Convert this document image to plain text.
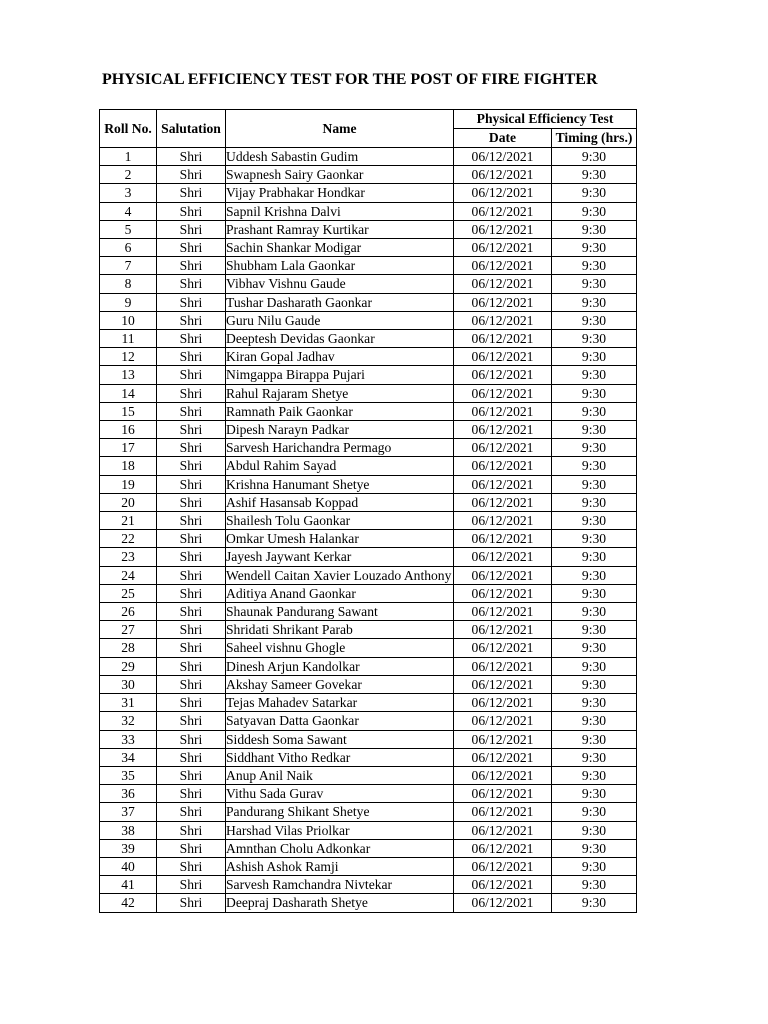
PHYSICAL EFFICIENCY TEST FOR THE POST OF FIRE FIGHTER
Roll No.	Salutation	Name	Physical Efficiency Test	
			Date	Timing (hrs.)
1	Shri	Uddesh Sabastin Gudim	06/12/2021	9:30
2	Shri	Swapnesh Sairy Gaonkar	06/12/2021	9:30
3	Shri	Vijay Prabhakar Hondkar	06/12/2021	9:30
4	Shri	Sapnil Krishna Dalvi	06/12/2021	9:30
5	Shri	Prashant Ramray Kurtikar	06/12/2021	9:30
6	Shri	Sachin Shankar Modigar	06/12/2021	9:30
7	Shri	Shubham Lala Gaonkar	06/12/2021	9:30
8	Shri	Vibhav Vishnu Gaude	06/12/2021	9:30
9	Shri	Tushar Dasharath Gaonkar	06/12/2021	9:30
10	Shri	Guru Nilu Gaude	06/12/2021	9:30
11	Shri	Deeptesh Devidas Gaonkar	06/12/2021	9:30
12	Shri	Kiran Gopal Jadhav	06/12/2021	9:30
13	Shri	Nimgappa Birappa Pujari	06/12/2021	9:30
14	Shri	Rahul Rajaram Shetye	06/12/2021	9:30
15	Shri	Ramnath Paik Gaonkar	06/12/2021	9:30
16	Shri	Dipesh Narayn Padkar	06/12/2021	9:30
17	Shri	Sarvesh Harichandra Permago	06/12/2021	9:30
18	Shri	Abdul Rahim Sayad	06/12/2021	9:30
19	Shri	Krishna Hanumant Shetye	06/12/2021	9:30
20	Shri	Ashif Hasansab Koppad	06/12/2021	9:30
21	Shri	Shailesh Tolu Gaonkar	06/12/2021	9:30
22	Shri	Omkar Umesh Halankar	06/12/2021	9:30
23	Shri	Jayesh Jaywant Kerkar	06/12/2021	9:30
24	Shri	Wendell Caitan Xavier Louzado Anthony	06/12/2021	9:30
25	Shri	Aditiya Anand Gaonkar	06/12/2021	9:30
26	Shri	Shaunak Pandurang Sawant	06/12/2021	9:30
27	Shri	Shridati Shrikant Parab	06/12/2021	9:30
28	Shri	Saheel vishnu Ghogle	06/12/2021	9:30
29	Shri	Dinesh Arjun Kandolkar	06/12/2021	9:30
30	Shri	Akshay Sameer Govekar	06/12/2021	9:30
31	Shri	Tejas Mahadev Satarkar	06/12/2021	9:30
32	Shri	Satyavan Datta Gaonkar	06/12/2021	9:30
33	Shri	Siddesh Soma Sawant	06/12/2021	9:30
34	Shri	Siddhant Vitho Redkar	06/12/2021	9:30
35	Shri	Anup Anil Naik	06/12/2021	9:30
36	Shri	Vithu Sada Gurav	06/12/2021	9:30
37	Shri	Pandurang Shikant Shetye	06/12/2021	9:30
38	Shri	Harshad Vilas Priolkar	06/12/2021	9:30
39	Shri	Amnthan Cholu Adkonkar	06/12/2021	9:30
40	Shri	Ashish Ashok Ramji	06/12/2021	9:30
41	Shri	Sarvesh Ramchandra Nivtekar	06/12/2021	9:30
42	Shri	Deepraj Dasharath Shetye	06/12/2021	9:30
